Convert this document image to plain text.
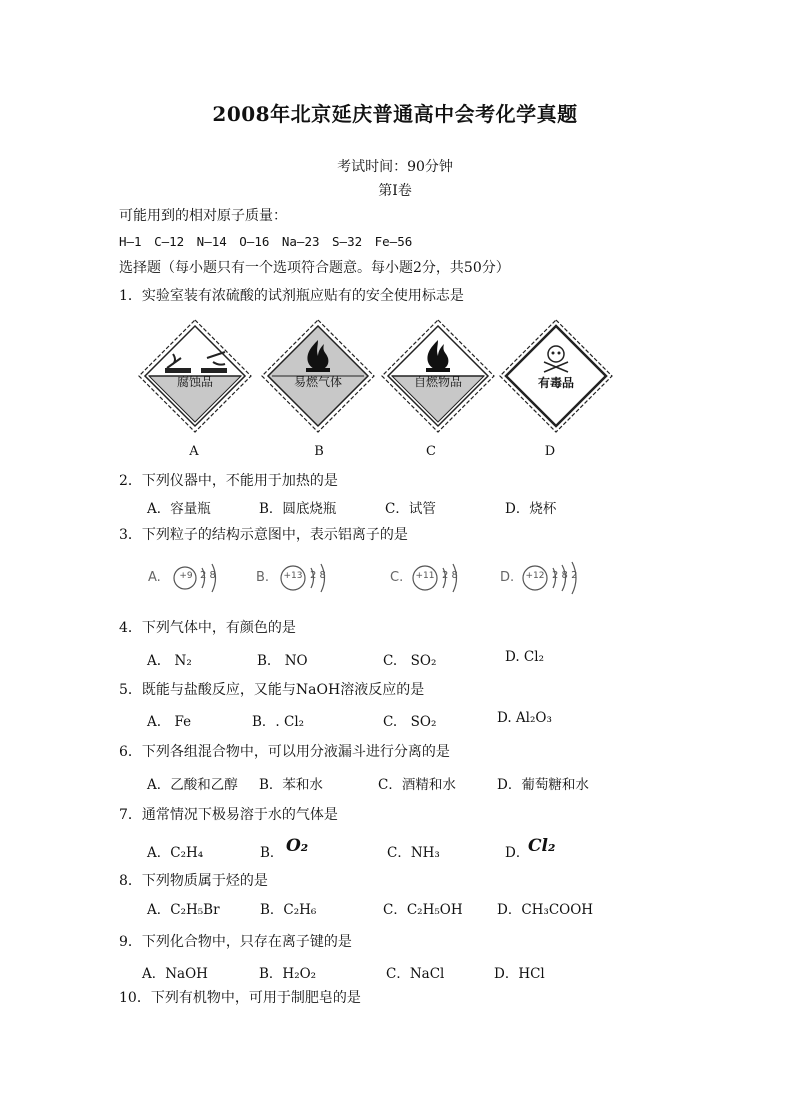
2008年北京延庆普通高中会考化学真题
考试时间：90分钟
第Ⅰ卷
可能用到的相对原子质量：
H—1　C—12　N—14　O—16　Na—23　S—32　Fe—56
选择题（每小题只有一个选项符合题意。每小题2分，共50分）
1．实验室装有浓硫酸的试剂瓶应贴有的安全使用标志是
腐蚀品	易燃气体	自燃物品	有毒品
A	B	C	D
2．下列仪器中，不能用于加热的是
A．容量瓶	B．圆底烧瓶	C．试管	D．烧杯
3．下列粒子的结构示意图中，表示铝离子的是
A.	+9 2 8	B. +13 2 8	C. +11 2 8	D. +12 2 8 2
4．下列气体中，有颜色的是
A.　N₂	B.　NO	C.　SO₂	D. Cl₂
5．既能与盐酸反应，又能与NaOH溶液反应的是
A.　Fe	B．. Cl₂	C.　SO₂	D. Al₂O₃
6．下列各组混合物中，可以用分液漏斗进行分离的是
A．乙酸和乙醇 B．苯和水	C．酒精和水	D．葡萄糖和水
7．通常情况下极易溶于水的气体是
A．C₂H₄	B． O₂	C．NH₃	D．
Cl₂
8．下列物质属于烃的是
A．C₂H₅Br	B．C₂H₆	C．C₂H₅OH	D．CH₃COOH
9．下列化合物中，只存在离子键的是
A．NaOH	B．H₂O₂	C．NaCl	D．HCl
10．下列有机物中，可用于制肥皂的是
